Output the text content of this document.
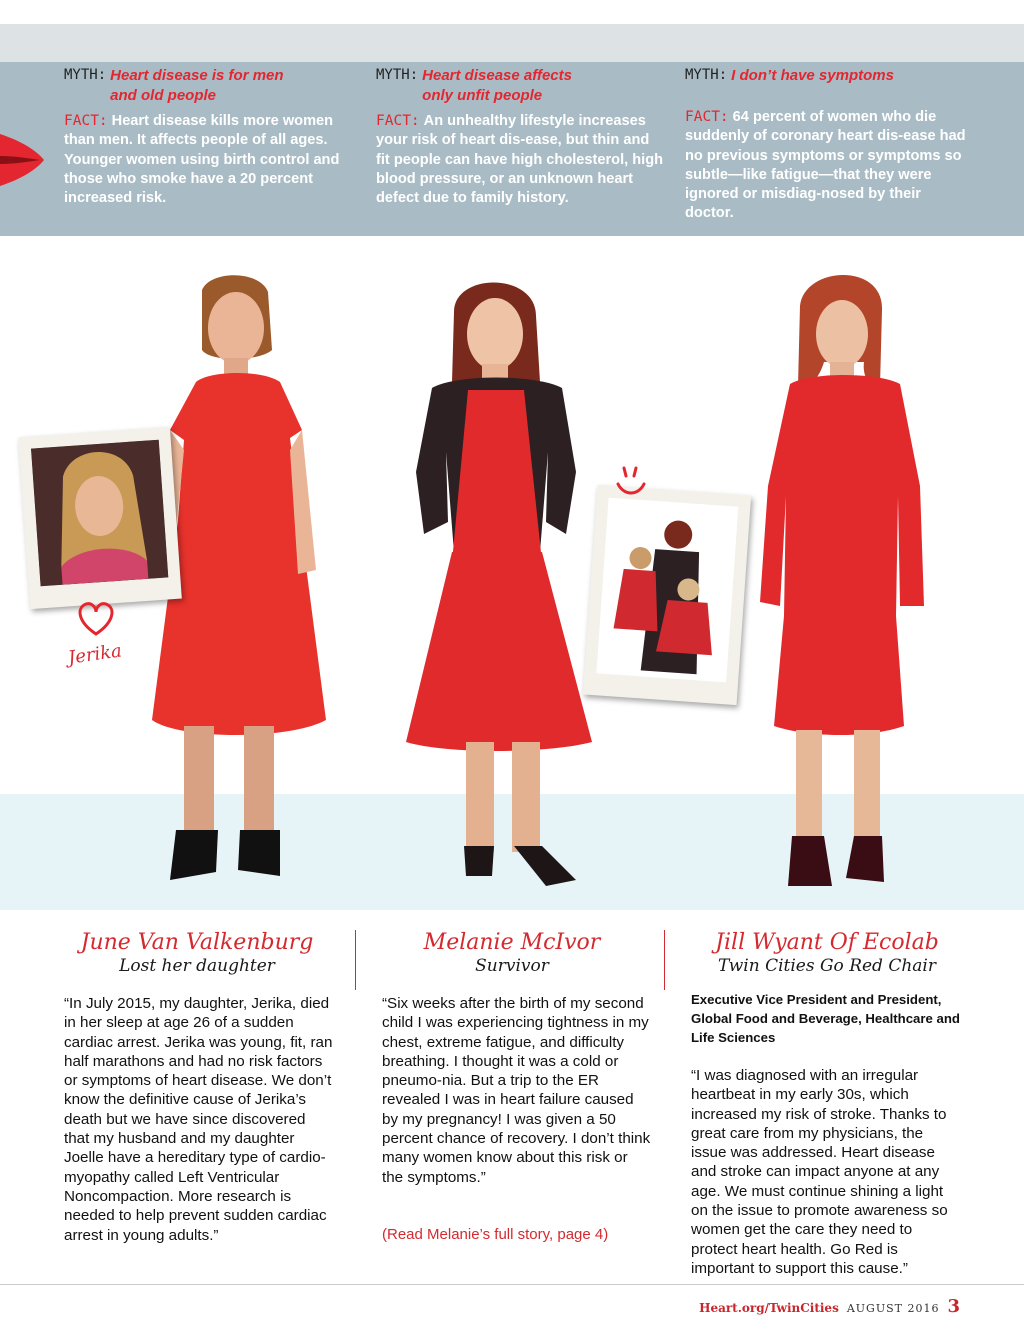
MYTH: Heart disease is for men
and old people
FACT: Heart disease kills more women than men. It affects people of all ages. Younger women using birth control and those who smoke have a 20 percent increased risk.
MYTH: Heart disease affects
only unfit people
FACT: An unhealthy lifestyle increases your risk of heart dis-ease, but thin and fit people can have high cholesterol, high blood pressure, or an unknown heart defect due to family history.
MYTH: I don’t have symptoms
FACT: 64 percent of women who die suddenly of coronary heart dis-ease had no previous symptoms or symptoms so subtle—like fatigue—that they were ignored or misdiag-nosed by their doctor.
Jerika
June Van Valkenburg
Lost her daughter
Melanie McIvor
Survivor
Jill Wyant Of Ecolab
Twin Cities Go Red Chair
“In July 2015, my daughter, Jerika, died in her sleep at age 26 of a sudden cardiac arrest. Jerika was young, fit, ran half marathons and had no risk factors or symptoms of heart disease. We don’t know the definitive cause of Jerika’s death but we have since discovered that my husband and my daughter Joelle have a hereditary type of cardio-myopathy called Left Ventricular Noncompaction. More research is needed to help prevent sudden cardiac arrest in young adults.”
“Six weeks after the birth of my second child I was experiencing tightness in my chest, extreme fatigue, and difficulty breathing. I thought it was a cold or pneumo-nia. But a trip to the ER revealed I was in heart failure caused by my pregnancy! I was given a 50 percent chance of recovery. I don’t think many women know about this risk or the symptoms.”
(Read Melanie’s full story, page 4)
Executive Vice President and President, Global Food and Beverage, Healthcare and Life Sciences
“I was diagnosed with an irregular heartbeat in my early 30s, which increased my risk of stroke. Thanks to great care from my physicians, the issue was addressed. Heart disease and stroke can impact anyone at any age. We must continue shining a light on the issue to promote awareness so women get the care they need to protect heart health. Go Red is important to support this cause.”
Heart.org/TwinCities AUGUST 2016 3
